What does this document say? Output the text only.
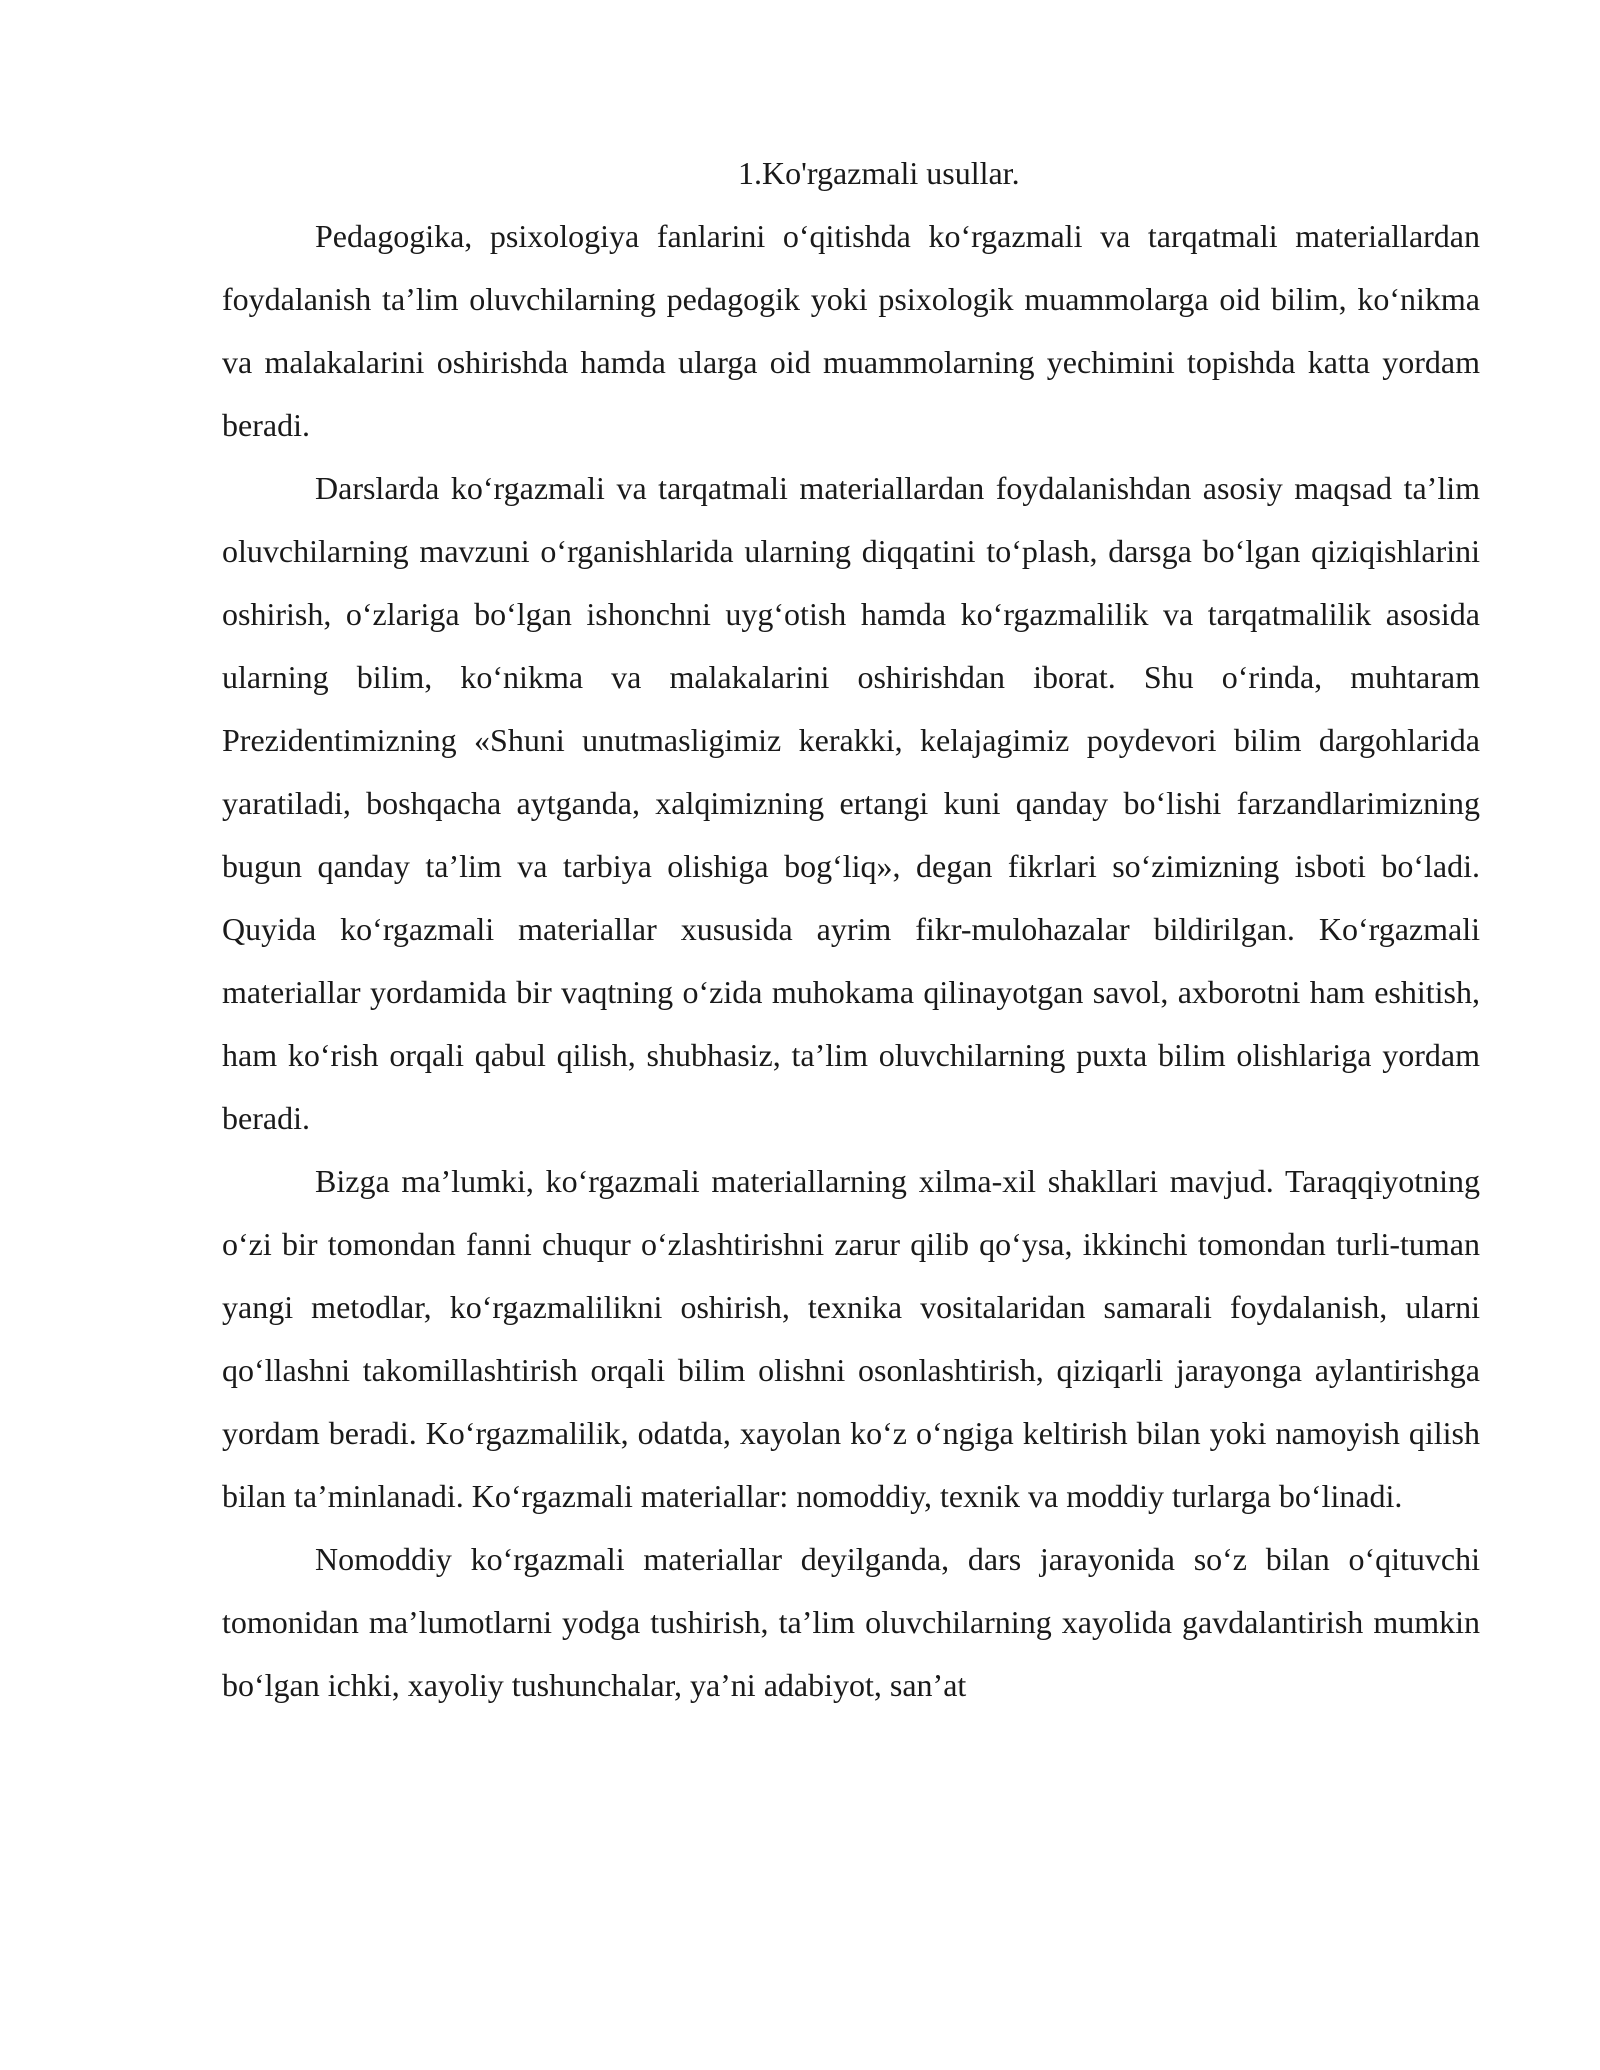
1.Ko'rgazmali usullar.

Pedagogika, psixologiya fanlarini o‘qitishda ko‘rgazmali va tarqatmali materiallardan foydalanish ta’lim oluvchilarning pedagogik yoki psixologik muammolarga oid bilim, ko‘nikma va malakalarini oshirishda hamda ularga oid muammolarning yechimini topishda katta yordam beradi.

Darslarda ko‘rgazmali va tarqatmali materiallardan foydalanishdan asosiy maqsad ta’lim oluvchilarning mavzuni o‘rganishlarida ularning diqqatini to‘plash, darsga bo‘lgan qiziqishlarini oshirish, o‘zlariga bo‘lgan ishonchni uyg‘otish hamda ko‘rgazmalilik va tarqatmalilik asosida ularning bilim, ko‘nikma va malakalarini oshirishdan iborat. Shu o‘rinda, muhtaram Prezidentimizning «Shuni unutmasligimiz kerakki, kelajagimiz poydevori bilim dargohlarida yaratiladi, boshqacha aytganda, xalqimizning ertangi kuni qanday bo‘lishi farzandlarimizning bugun qanday ta’lim va tarbiya olishiga bog‘liq», degan fikrlari so‘zimizning isboti bo‘ladi. Quyida ko‘rgazmali materiallar xususida ayrim fikr-mulohazalar bildirilgan. Ko‘rgazmali materiallar yordamida bir vaqtning o‘zida muhokama qilinayotgan savol, axborotni ham eshitish, ham ko‘rish orqali qabul qilish, shubhasiz, ta’lim oluvchilarning puxta bilim olishlariga yordam beradi.

Bizga ma’lumki, ko‘rgazmali materiallarning xilma-xil shakllari mavjud. Taraqqiyotning o‘zi bir tomondan fanni chuqur o‘zlashtirishni zarur qilib qo‘ysa, ikkinchi tomondan turli-tuman yangi metodlar, ko‘rgazmalilikni oshirish, texnika vositalaridan samarali foydalanish, ularni qo‘llashni takomillashtirish orqali bilim olishni osonlashtirish, qiziqarli jarayonga aylantirishga yordam beradi. Ko‘rgazmalilik, odatda, xayolan ko‘z o‘ngiga keltirish bilan yoki namoyish qilish bilan ta’minlanadi. Ko‘rgazmali materiallar: nomoddiy, texnik va moddiy turlarga bo‘linadi.

Nomoddiy ko‘rgazmali materiallar deyilganda, dars jarayonida so‘z bilan o‘qituvchi tomonidan ma’lumotlarni yodga tushirish, ta’lim oluvchilarning xayolida gavdalantirish mumkin bo‘lgan ichki, xayoliy tushunchalar, ya’ni adabiyot, san’at
